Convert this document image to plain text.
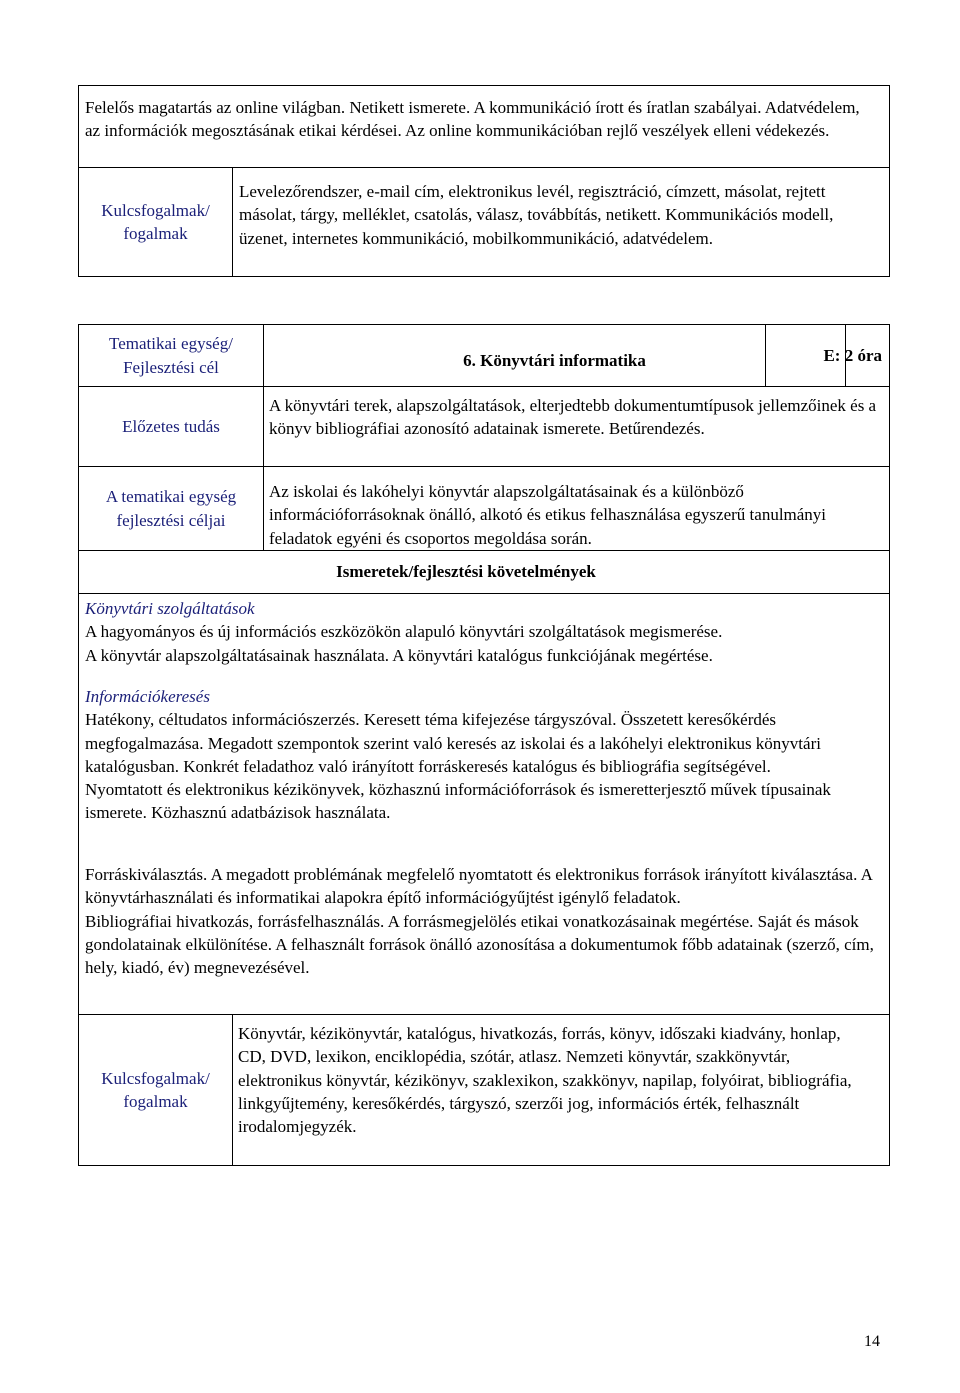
Felelős magatartás az online világban. Netikett ismerete. A kommunikáció írott és íratlan szabályai. Adatvédelem, az információk megosztásának etikai kérdései. Az online kommunikációban rejlő veszélyek elleni védekezés.

Kulcsfogalmak/
fogalmak

Levelezőrendszer, e-mail cím, elektronikus levél, regisztráció, címzett, másolat, rejtett másolat, tárgy, melléklet, csatolás, válasz, továbbítás, netikett. Kommunikációs modell, üzenet, internetes kommunikáció, mobilkommunikáció, adatvédelem.

Tematikai egység/
Fejlesztési cél
Előzetes tudás
A tematikai egység
fejlesztési céljai
6. Könyvtári informatika	E: 2 óra

A könyvtári terek, alapszolgáltatások, elterjedtebb dokumentumtípusok jellemzőinek és a könyv bibliográfiai azonosító adatainak ismerete. Betűrendezés.

Az iskolai és lakóhelyi könyvtár alapszolgáltatásainak és a különböző információforrásoknak önálló, alkotó és etikus felhasználása egyszerű tanulmányi feladatok egyéni és csoportos megoldása során.

Ismeretek/fejlesztési követelmények

Könyvtári szolgáltatások

A hagyományos és új információs eszközökön alapuló könyvtári szolgáltatások megismerése.

A könyvtár alapszolgáltatásainak használata. A könyvtári katalógus funkciójának megértése.

Információkeresés

Hatékony, céltudatos információszerzés. Keresett téma kifejezése tárgyszóval. Összetett keresőkérdés megfogalmazása. Megadott szempontok szerint való keresés az iskolai és a lakóhelyi elektronikus könyvtári katalógusban. Konkrét feladathoz való irányított forráskeresés katalógus és bibliográfia segítségével.

Nyomtatott és elektronikus kézikönyvek, közhasznú információforrások és ismeretterjesztő művek típusainak ismerete. Közhasznú adatbázisok használata.

Forráskiválasztás. A megadott problémának megfelelő nyomtatott és elektronikus források irányított kiválasztása. A könyvtárhasználati és informatikai alapokra építő információgyűjtést igénylő feladatok.

Bibliográfiai hivatkozás, forrásfelhasználás. A forrásmegjelölés etikai vonatkozásainak megértése. Saját és mások gondolatainak elkülönítése. A felhasznált források önálló azonosítása a dokumentumok főbb adatainak (szerző, cím, hely, kiadó, év) megnevezésével.

Kulcsfogalmak/
fogalmak

Könyvtár, kézikönyvtár, katalógus, hivatkozás, forrás, könyv, időszaki kiadvány, honlap, CD, DVD, lexikon, enciklopédia, szótár, atlasz. Nemzeti könyvtár, szakkönyvtár, elektronikus könyvtár, kézikönyv, szaklexikon, szakkönyv, napilap, folyóirat, bibliográfia, linkgyűjtemény, keresőkérdés, tárgyszó, szerzői jog, információs érték, felhasznált irodalomjegyzék.

14
